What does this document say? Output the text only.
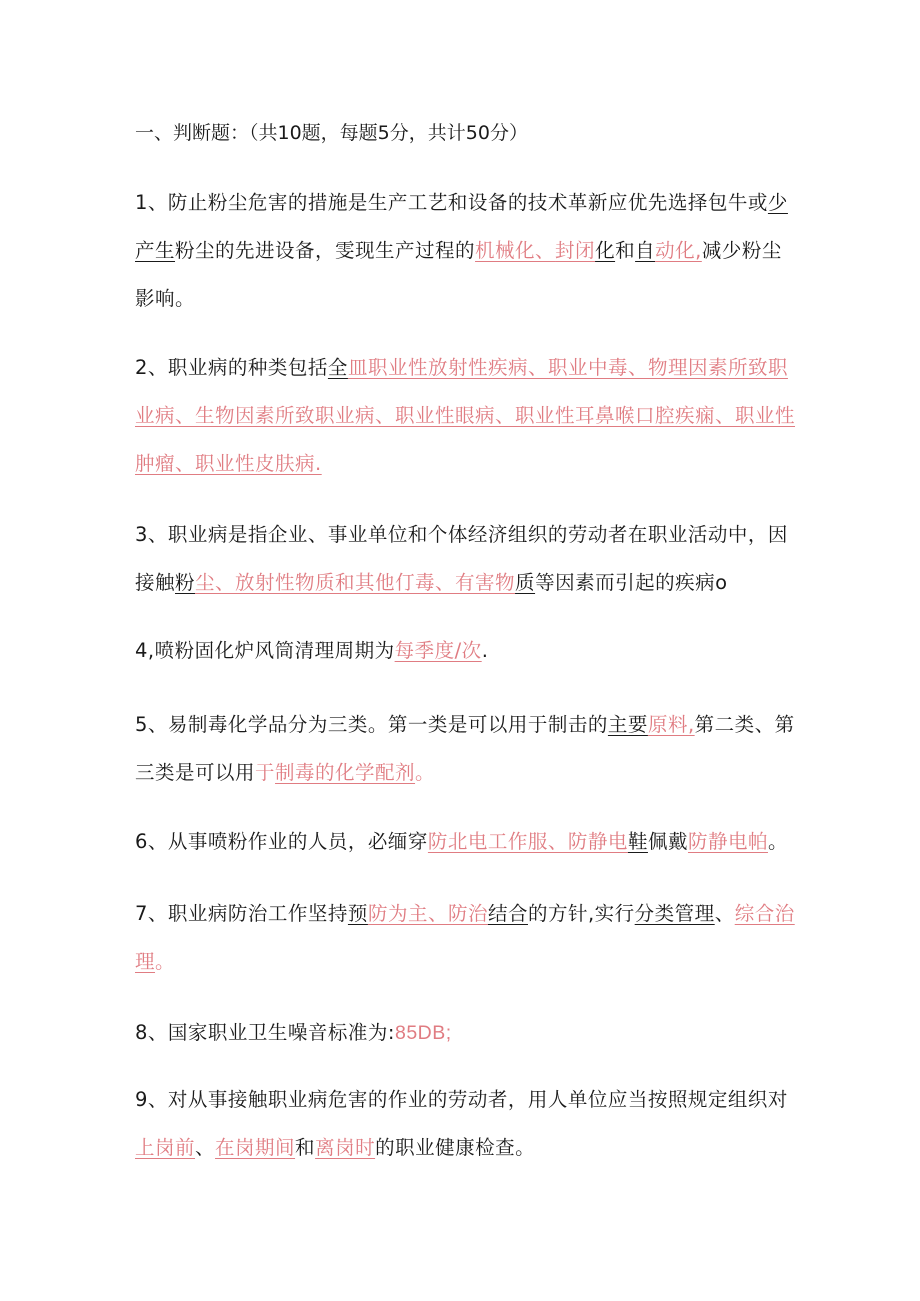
一、判断题：（共10题，每题5分，共计50分）

1、防止粉尘危害的措施是生产工艺和设备的技术革新应优先选择包牛或少产生粉尘的先进设备，雯现生产过程的机械化、封闭化和自动化,减少粉尘影响。

2、职业病的种类包括全皿职业性放射性疾病、职业中毒、物理因素所致职业病、生物因素所致职业病、职业性眼病、职业性耳鼻喉口腔疾痫、职业性肿瘤、职业性皮肤病.

3、职业病是指企业、事业单位和个体经济组织的劳动者在职业活动中，因接触粉尘、放射性物质和其他仃毒、有害物质等因素而引起的疾病o

4,喷粉固化炉风筒清理周期为每季度/次.

5、易制毒化学品分为三类。第一类是可以用于制击的主要原料,第二类、第三类是可以用于制毒的化学配剂。

6、从事喷粉作业的人员，必缅穿防北电工作服、防静电鞋佩戴防静电帕。

7、职业病防治工作坚持预防为主、防治结合的方针,实行分类管理、综合治理。

8、国家职业卫生噪音标准为:85DB;

9、对从事接触职业病危害的作业的劳动者，用人单位应当按照规定组织对上岗前、在岗期间和离岗时的职业健康检查。
